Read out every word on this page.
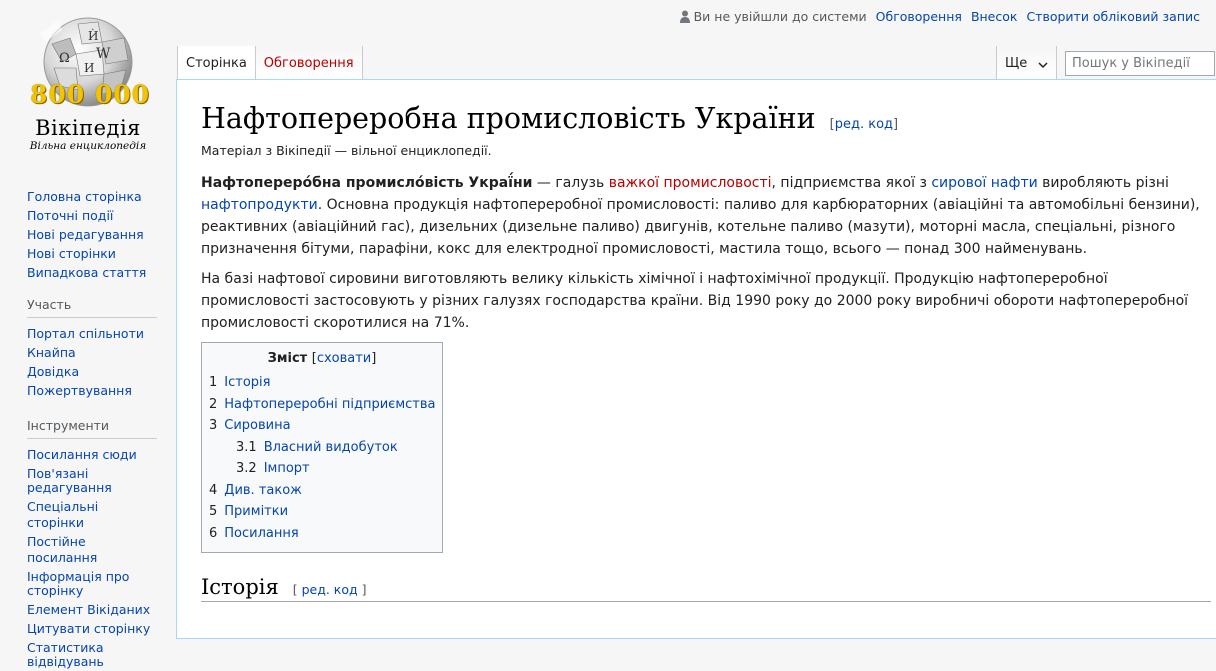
Ѝ
W
Ω
И
800 000
Вікіпедія
Вільна енциклопедія
Ви не увійшли до системи Обговорення Внесок Створити обліковий запис
Сторінка	Обговорення	Ще	Пошук у Вікіпедії
Нафтопереробна промисловість України [ред. код]
Матеріал з Вікіпедії — вільної енциклопедії.

Нафтоперерóбна промислóвість Украї́ни — галузь важкої промисловості, підприємства якої з сирової нафти виробляють різні нафтопродукти. Основна продукція нафтопереробної промисловості: паливо для карбюраторних (авіаційні та автомобільні бензини), реактивних (авіаційний гас), дизельних (дизельне паливо) двигунів, котельне паливо (мазути), моторні масла, спеціальні, різного призначення бітуми, парафіни, кокс для електродної промисловості, мастила тощо, всього — понад 300 найменувань.

На базі нафтової сировини виготовляють велику кількість хімічної і нафтохімічної продукції. Продукцію нафтопереробної промисловості застосовують у різних галузях господарства країни. Від 1990 року до 2000 року виробничі обороти нафтопереробної промисловості скоротилися на 71%.

Зміст [сховати]
1 Історія
2 Нафтопереробні підприємства
3 Сировина
3.1 Власний видобуток
3.2 Імпорт
4 Див. також
5 Примітки
6 Посилання
Історія [ ред. код ]
Головна сторінка
Поточні події
Нові редагування
Нові сторінки
Випадкова стаття
Участь
Портал спільноти
Кнайпа
Довідка
Пожертвування
Інструменти
Посилання сюди
Пов'язані редагування
Спеціальні сторінки
Постійне посилання
Інформація про сторінку
Елемент Вікіданих
Цитувати сторінку
Статистика відвідувань
